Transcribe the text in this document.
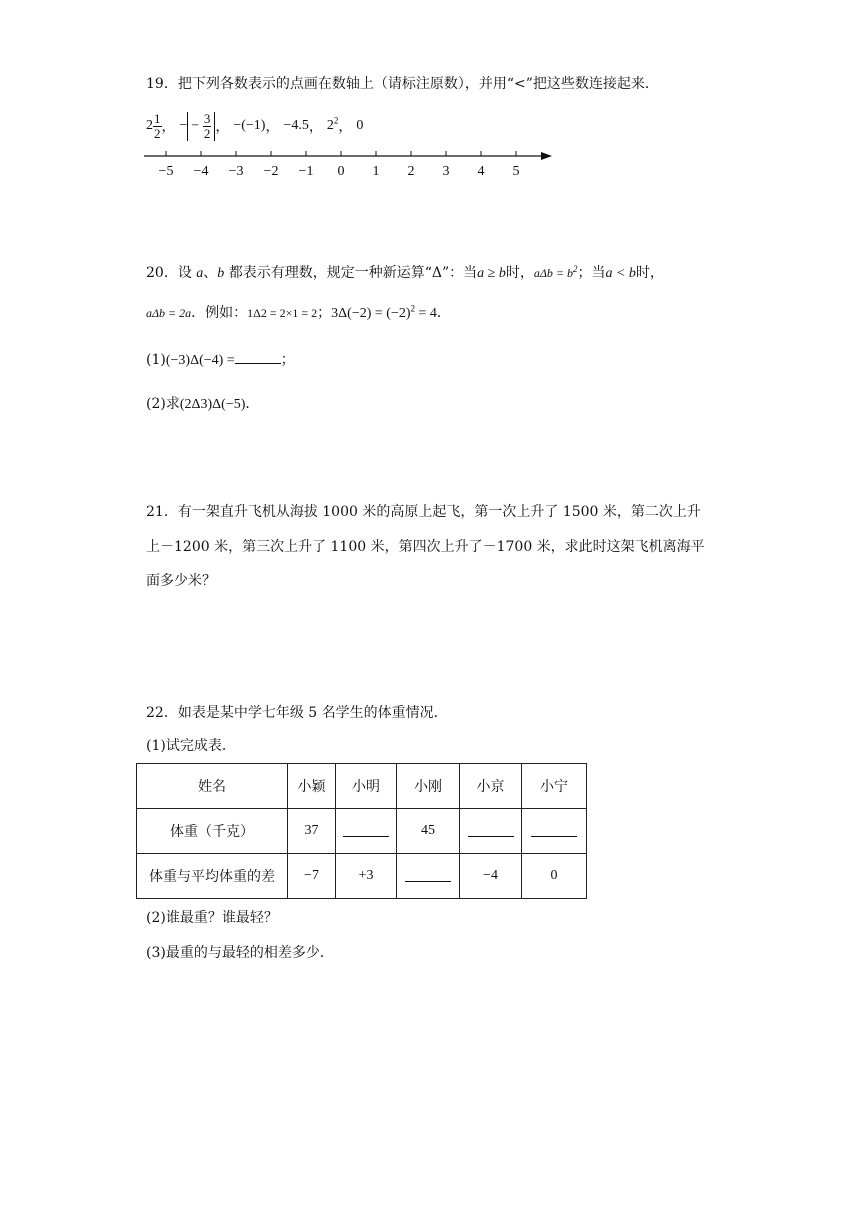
19．把下列各数表示的点画在数轴上（请标注原数），并用“<”把这些数连接起来．
$2 \frac{1}{2}$ ， − − $\frac{3}{2}$ ， −(−1) ， −4.5 ， $2^2$ ， 0
−5 −4 −3 −2 −1 0 1 2 3 4 5
20．设 a、b 都表示有理数，规定一种新运算“Δ”：当a ≥ b时，$a\Delta b = b^2$；当a < b时，
aΔb = 2a．例如：1Δ2 = 2×1 = 2；$3\Delta(-2) = (-2)^2 = 4$．
(1)(−3)Δ(−4) =	；
(2)求(2Δ3)Δ(−5)．
21．有一架直升飞机从海拔 1000 米的高原上起飞，第一次上升了 1500 米，第二次上升
上－1200 米，第三次上升了 1100 米，第四次上升了－1700 米，求此时这架飞机离海平
面多少米？
22．如表是某中学七年级 5 名学生的体重情况．
(1)试完成表．
姓名	小颖	小明	小刚	小京	小宁
体重（千克）	37		45		
体重与平均体重的差	−7	+3		−4	0
(2)谁最重？谁最轻？
(3)最重的与最轻的相差多少．
